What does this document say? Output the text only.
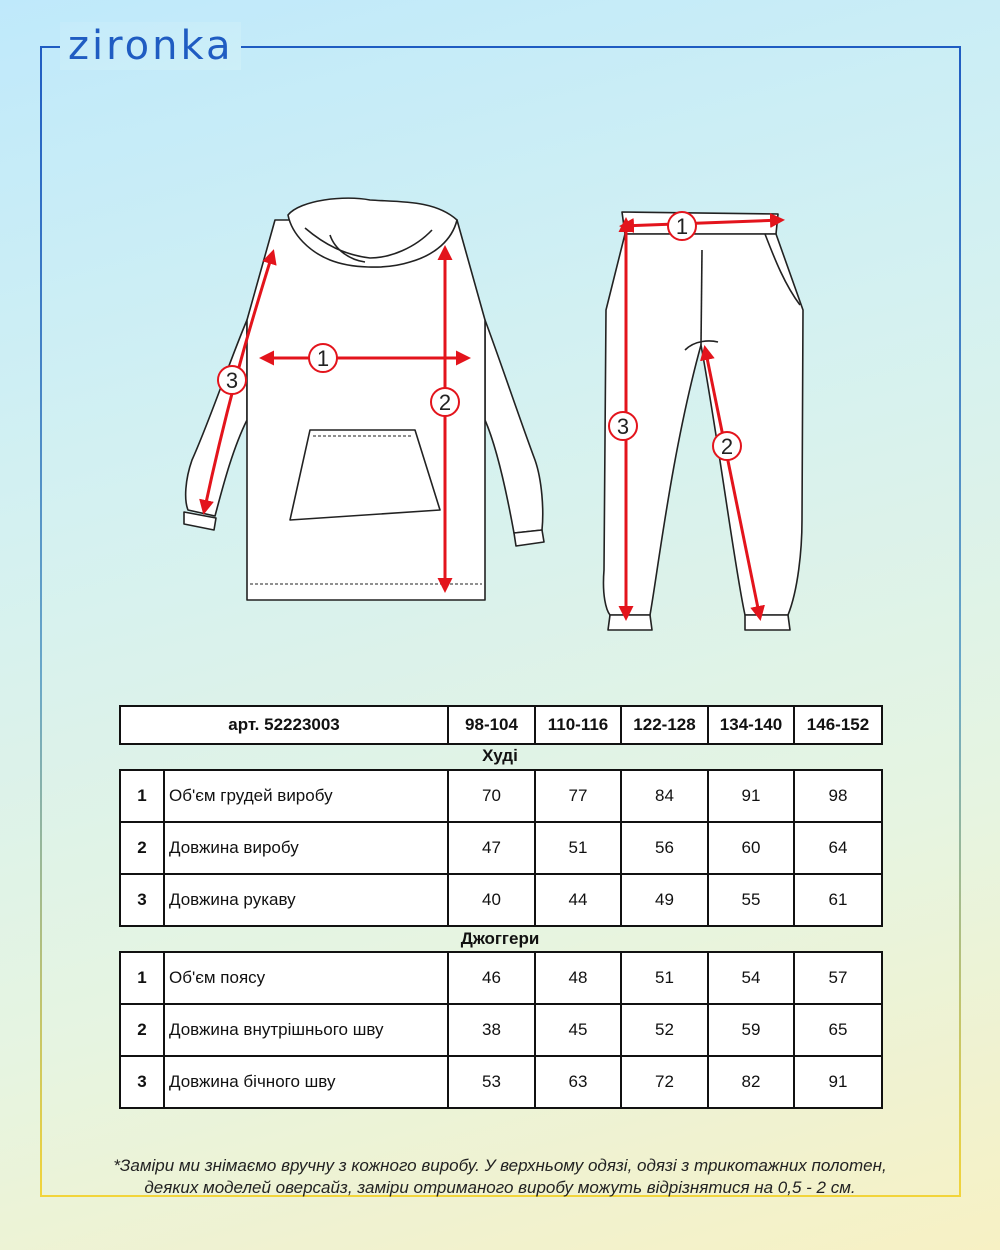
zironka
1
2
3
1
2
3
арт. 52223003	98-104	110-116	122-128	134-140	146-152
Худі
1	Об'єм грудей виробу	70	77	84	91	98
2	Довжина виробу	47	51	56	60	64
3	Довжина рукаву	40	44	49	55	61
Джоггери
1	Об'єм поясу	46	48	51	54	57
2	Довжина внутрішнього шву	38	45	52	59	65
3	Довжина бічного шву	53	63	72	82	91
*Заміри ми знімаємо вручну з кожного виробу. У верхньому одязі, одязі з трикотажних полотен,
деяких моделей оверсайз, заміри отриманого виробу можуть відрізнятися на 0,5 - 2 см.
